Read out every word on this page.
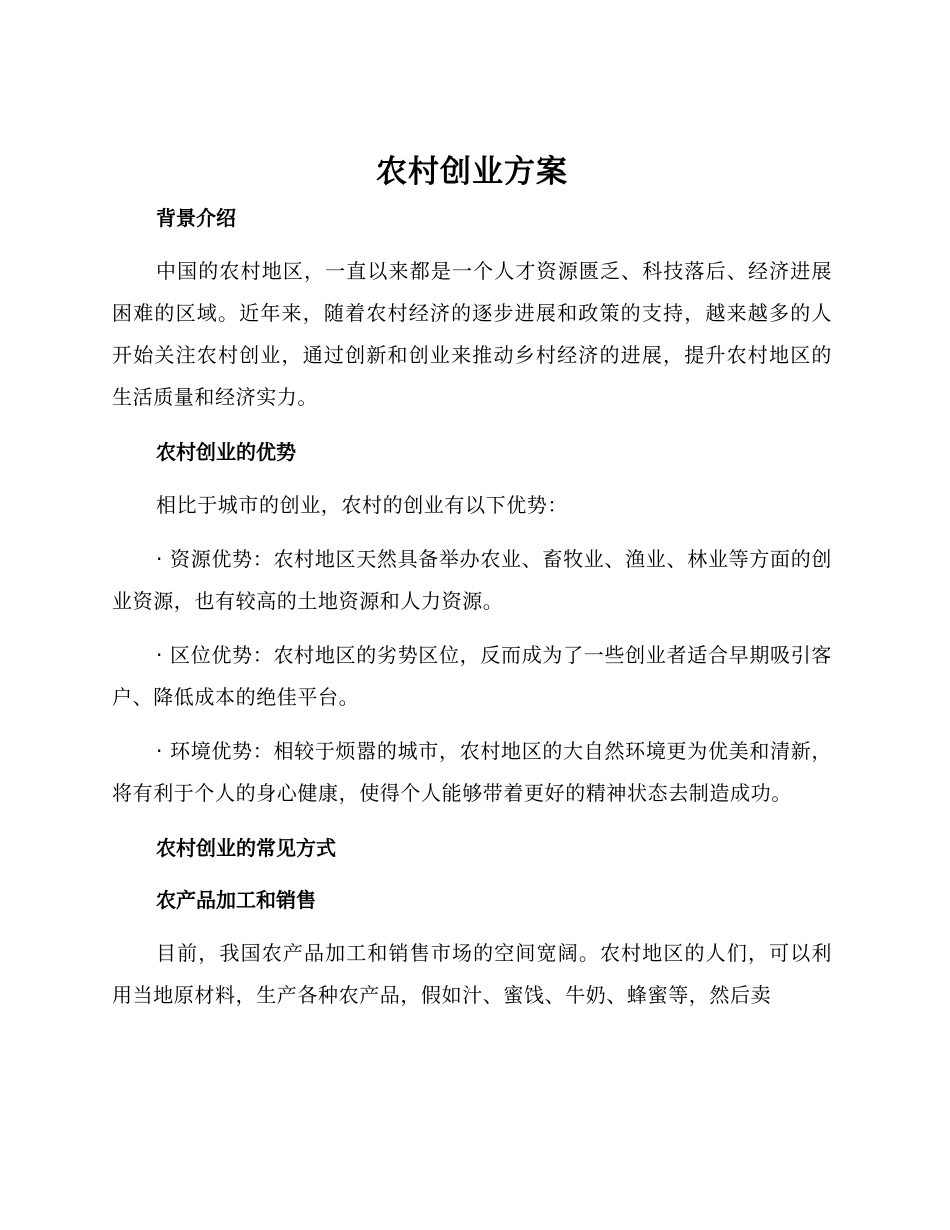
农村创业方案

背景介绍

中国的农村地区，一直以来都是一个人才资源匮乏、科技落后、经济进展困难的区域。近年来，随着农村经济的逐步进展和政策的支持，越来越多的人开始关注农村创业，通过创新和创业来推动乡村经济的进展，提升农村地区的生活质量和经济实力。

农村创业的优势

相比于城市的创业，农村的创业有以下优势：

· 资源优势：农村地区天然具备举办农业、畜牧业、渔业、林业等方面的创业资源，也有较高的土地资源和人力资源。

· 区位优势：农村地区的劣势区位，反而成为了一些创业者适合早期吸引客户、降低成本的绝佳平台。

· 环境优势：相较于烦嚣的城市，农村地区的大自然环境更为优美和清新，将有利于个人的身心健康，使得个人能够带着更好的精神状态去制造成功。

农村创业的常见方式

农产品加工和销售

目前，我国农产品加工和销售市场的空间宽阔。农村地区的人们，可以利用当地原材料，生产各种农产品，假如汁、蜜饯、牛奶、蜂蜜等，然后卖
